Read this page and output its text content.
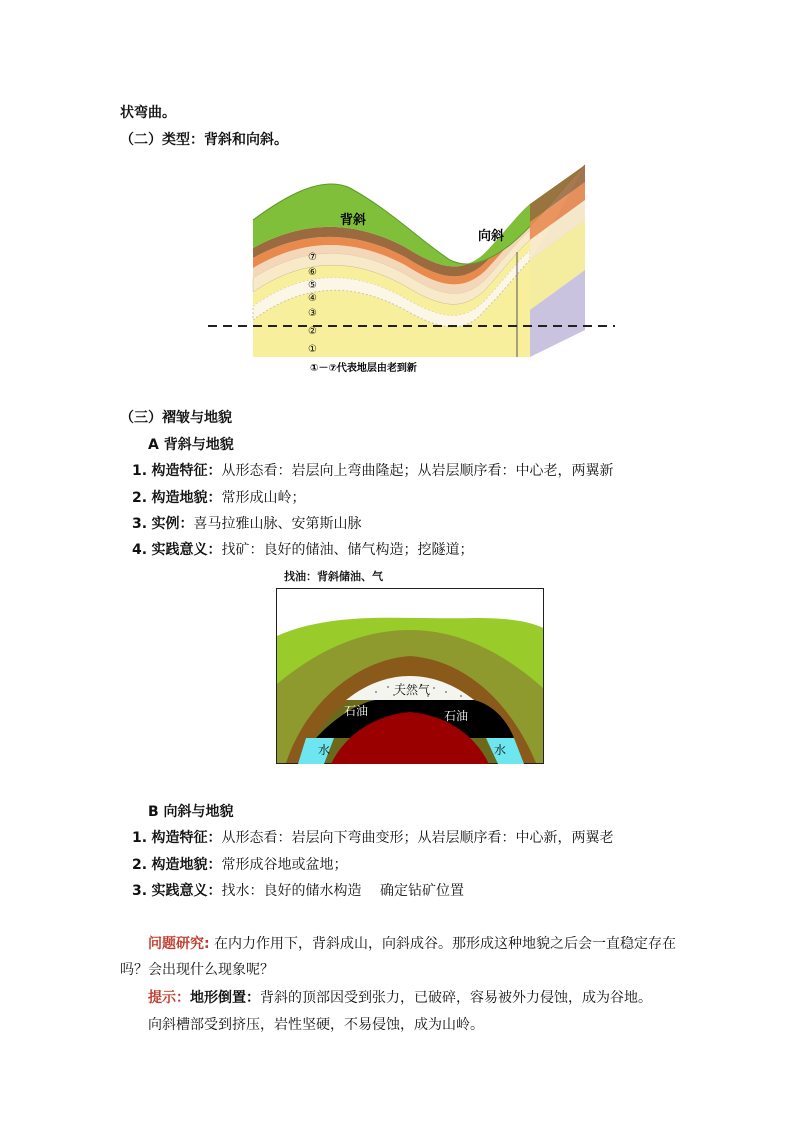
状弯曲。
（二）类型：背斜和向斜。
背斜
向斜
⑦
⑥
⑤
④
③
②
①
①－⑦代表地层由老到新
（三）褶皱与地貌
A 背斜与地貌
1. 构造特征：从形态看：岩层向上弯曲隆起；从岩层顺序看：中心老，两翼新
2. 构造地貌：常形成山岭；
3. 实例：喜马拉雅山脉、安第斯山脉
4. 实践意义：找矿：良好的储油、储气构造；挖隧道；
找油：背斜储油、气
天然气
石油	石油
水	水
B 向斜与地貌
1. 构造特征：从形态看：岩层向下弯曲变形；从岩层顺序看：中心新，两翼老
2. 构造地貌：常形成谷地或盆地；
3. 实践意义：找水：良好的储水构造　 确定钻矿位置
问题研究: 在内力作用下，背斜成山，向斜成谷。那形成这种地貌之后会一直稳定存在
吗？会出现什么现象呢？
提示：地形倒置：背斜的顶部因受到张力，已破碎，容易被外力侵蚀，成为谷地。
向斜槽部受到挤压，岩性坚硬，不易侵蚀，成为山岭。
